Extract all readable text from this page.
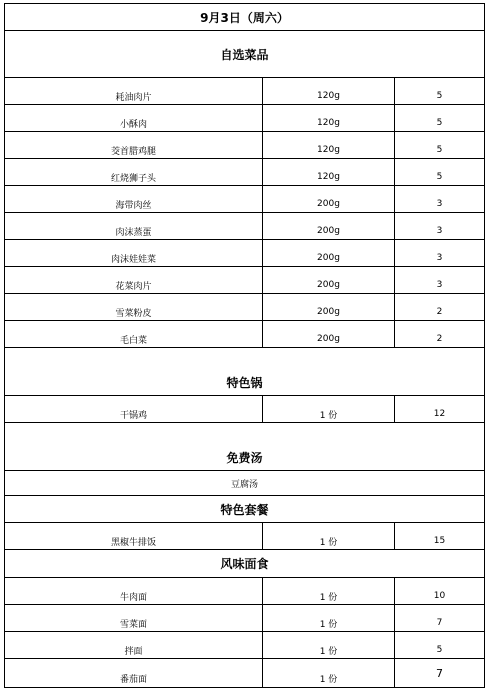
9月3日（周六）
自选菜品
耗油肉片	120g	5
小酥肉	120g	5
茭首腊鸡腿	120g	5
红烧狮子头	120g	5
海带肉丝	200g	3
肉沫蒸蛋	200g	3
肉沫娃娃菜	200g	3
花菜肉片	200g	3
雪菜粉皮	200g	2
毛白菜	200g	2
特色锅
干锅鸡	1 份	12
免费汤
豆腐汤
特色套餐
黑椒牛排饭	1 份	15
风味面食
牛肉面	1 份	10
雪菜面	1 份	7
拌面	1 份	5
番茄面	1 份	7
